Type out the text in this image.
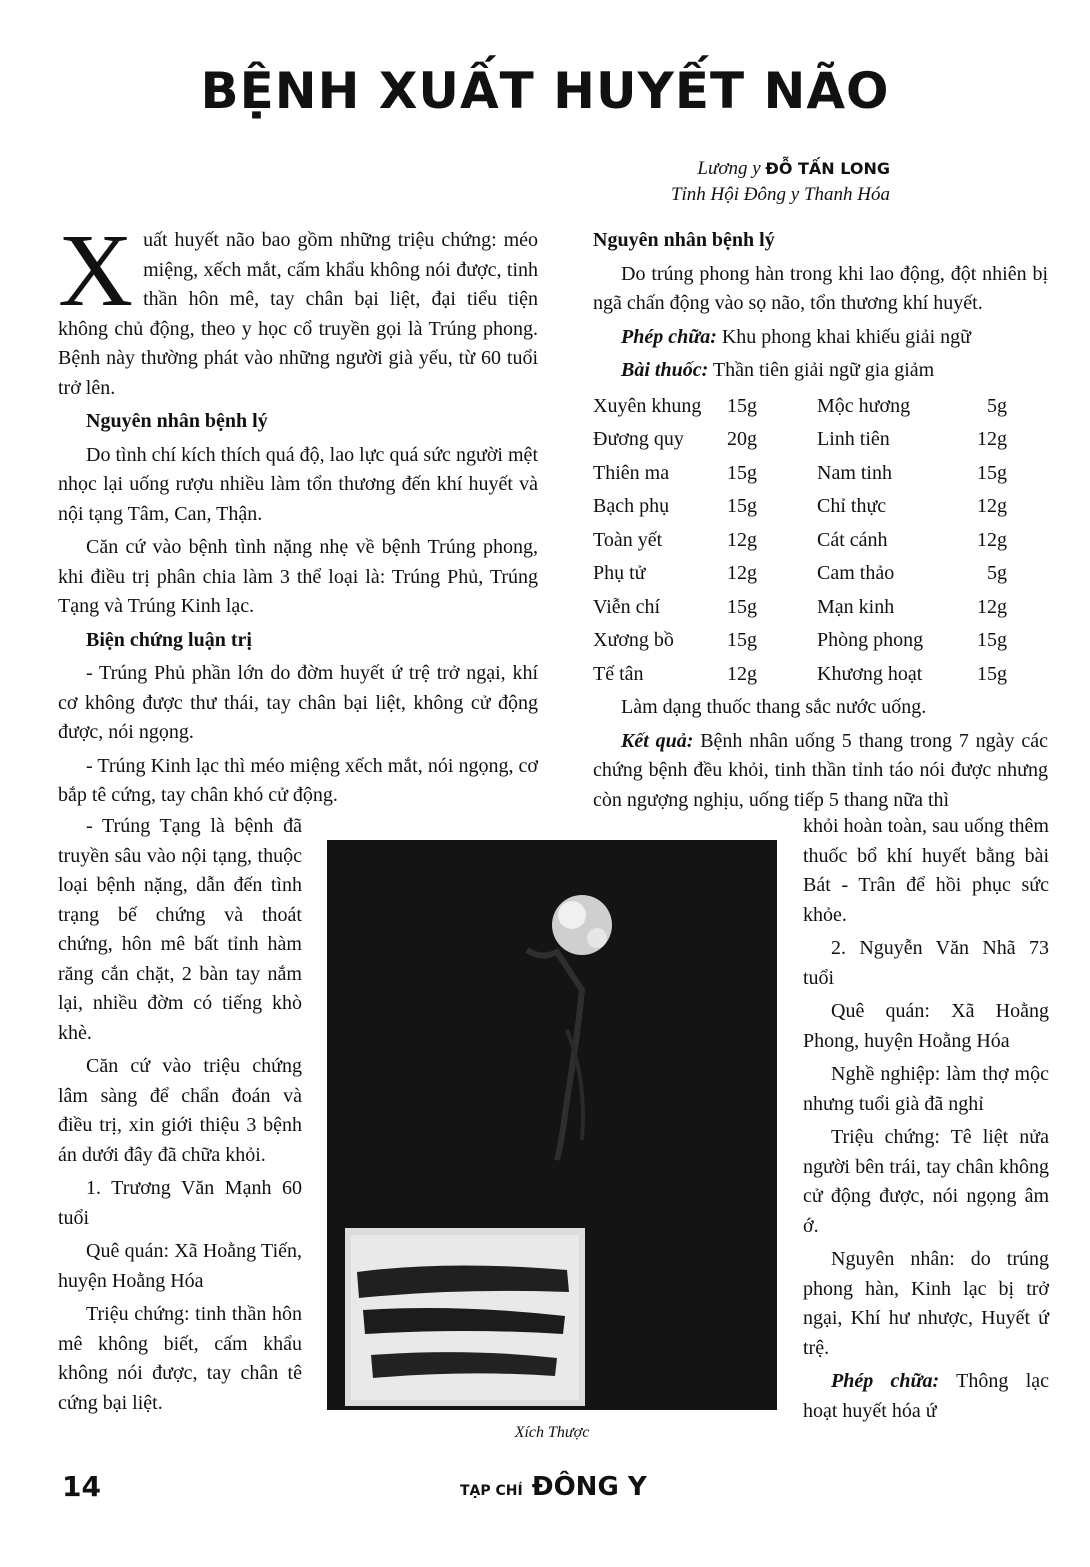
BỆNH XUẤT HUYẾT NÃO
Lương y ĐỖ TẤN LONG
Tỉnh Hội Đông y Thanh Hóa

Xuất huyết não bao gồm những triệu chứng: méo miệng, xếch mắt, cấm khẩu không nói được, tinh thần hôn mê, tay chân bại liệt, đại tiểu tiện không chủ động, theo y học cổ truyền gọi là Trúng phong. Bệnh này thường phát vào những người già yếu, từ 60 tuổi trở lên.

Nguyên nhân bệnh lý

Do tình chí kích thích quá độ, lao lực quá sức người mệt nhọc lại uống rượu nhiều làm tổn thương đến khí huyết và nội tạng Tâm, Can, Thận.

Căn cứ vào bệnh tình nặng nhẹ về bệnh Trúng phong, khi điều trị phân chia làm 3 thể loại là: Trúng Phủ, Trúng Tạng và Trúng Kinh lạc.

Biện chứng luận trị

- Trúng Phủ phần lớn do đờm huyết ứ trệ trở ngại, khí cơ không được thư thái, tay chân bại liệt, không cử động được, nói ngọng.

- Trúng Kinh lạc thì méo miệng xếch mắt, nói ngọng, cơ bắp tê cứng, tay chân khó cử động.

- Trúng Tạng là bệnh đã truyền sâu vào nội tạng, thuộc loại bệnh nặng, dẫn đến tình trạng bế chứng và thoát chứng, hôn mê bất tỉnh hàm răng cắn chặt, 2 bàn tay nắm lại, nhiều đờm có tiếng khò khè.

Căn cứ vào triệu chứng lâm sàng để chẩn đoán và điều trị, xin giới thiệu 3 bệnh án dưới đây đã chữa khỏi.

1. Trương Văn Mạnh 60 tuổi

Quê quán: Xã Hoằng Tiến, huyện Hoằng Hóa

Triệu chứng: tinh thần hôn mê không biết, cấm khẩu không nói được, tay chân tê cứng bại liệt.

Nguyên nhân bệnh lý

Do trúng phong hàn trong khi lao động, đột nhiên bị ngã chấn động vào sọ não, tổn thương khí huyết.

Phép chữa: Khu phong khai khiếu giải ngữ

Bài thuốc: Thần tiên giải ngữ gia giảm

Xuyên khung	15g	Mộc hương	5g
Đương quy	20g	Linh tiên	12g
Thiên ma	15g	Nam tinh	15g
Bạch phụ	15g	Chỉ thực	12g
Toàn yết	12g	Cát cánh	12g
Phụ tử	12g	Cam thảo	5g
Viễn chí	15g	Mạn kinh	12g
Xương bồ	15g	Phòng phong	15g
Tế tân	12g	Khương hoạt	15g

Làm dạng thuốc thang sắc nước uống.

Kết quả: Bệnh nhân uống 5 thang trong 7 ngày các chứng bệnh đều khỏi, tinh thần tỉnh táo nói được nhưng còn ngượng nghịu, uống tiếp 5 thang nữa thì

khỏi hoàn toàn, sau uống thêm thuốc bổ khí huyết bằng bài Bát - Trân để hồi phục sức khỏe.

2. Nguyễn Văn Nhã 73 tuổi

Quê quán: Xã Hoằng Phong, huyện Hoằng Hóa

Nghề nghiệp: làm thợ mộc nhưng tuổi già đã nghỉ

Triệu chứng: Tê liệt nửa người bên trái, tay chân không cử động được, nói ngọng âm ớ.

Nguyên nhân: do trúng phong hàn, Kinh lạc bị trở ngại, Khí hư nhược, Huyết ứ trệ.

Phép chữa: Thông lạc hoạt huyết hóa ứ

Xích Thược
14	TẠP CHÍ ĐÔNG Y
